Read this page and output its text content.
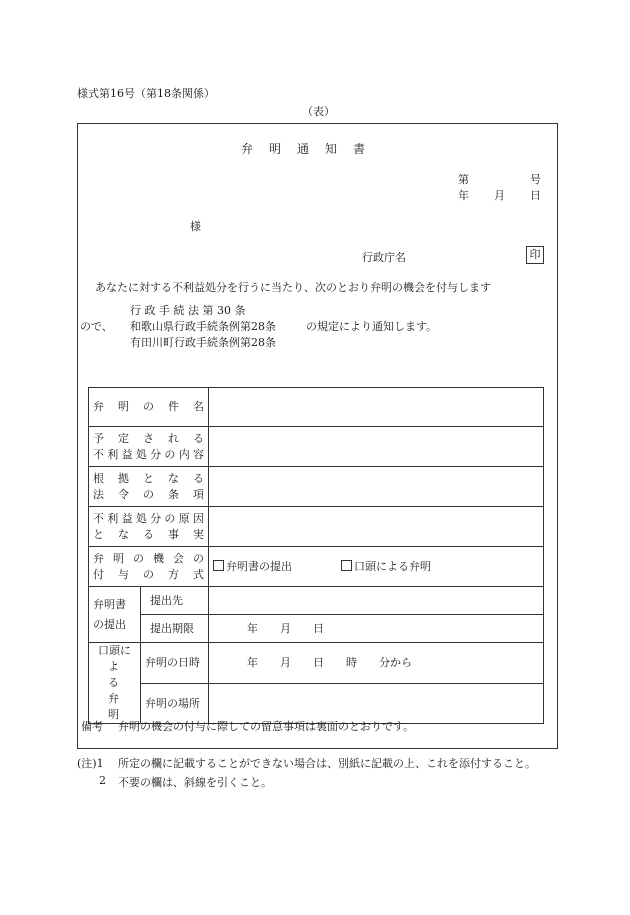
様式第16号（第18条関係）
（表）
弁　明　通　知　書
第	号
年 月 日
様
行政庁名	印
あなたに対する不利益処分を行うに当たり、次のとおり弁明の機会を付与します
行 政 手 続 法 第 30 条
ので、 和歌山県行政手続条例第28条	の規定により通知します。
有田川町行政手続条例第28条
弁明の件名		

予定される
不利益処分の内容		

根拠となる
法令の条項		

不利益処分の原因
となる事実		

弁明の機会の
付与の方式		弁明書の提出 口頭による弁明

弁明書
の提出	提出先	
	提出期限	年　　月　　日

口頭に
よる
弁明	弁明の日時	年　　月　　日　　時　　分から
	弁明の場所	
備考 弁明の機会の付与に際しての留意事項は裏面のとおりです。
(注)1 所定の欄に記載することができない場合は、別紙に記載の上、これを添付すること。
2 不要の欄は、斜線を引くこと。
